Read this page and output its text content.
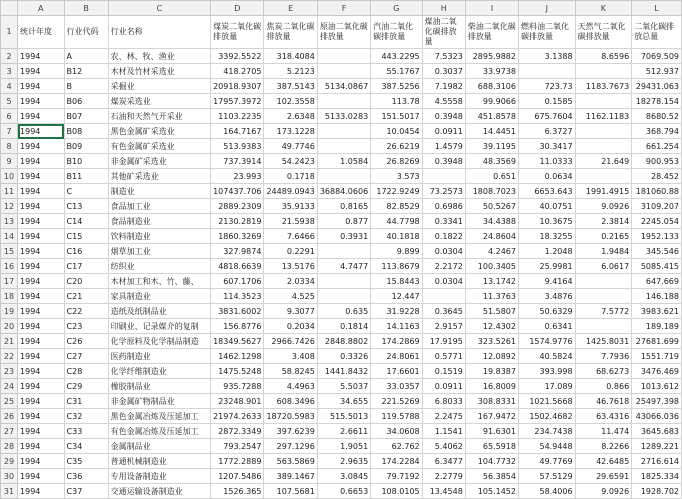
	A	B	C	D	E	F	G	H	I	J	K	L
1	统计年度	行业代码	行业名称	煤炭二氧化碳排放量	焦炭二氧化碳排放量	原油二氧化碳排放量	汽油二氧化碳排放量	煤油二氧化碳排放量	柴油二氧化碳排放量	燃料油二氧化碳排放量	天然气二氧化碳排放量	二氧化碳排放总量
2	1994	A	农、林、牧、渔业	3392.5522	318.4084		443.2295	7.5323	2895.9882	3.1388	8.6596	7069.509
3	1994	B12	木材及竹材采选业	418.2705	5.2123		55.1767	0.3037	33.9738			512.937
4	1994	B	采掘业	20918.9307	387.5143	5134.0867	387.5256	7.1982	688.3106	723.73	1183.7673	29431.063
5	1994	B06	煤炭采选业	17957.3972	102.3558		113.78	4.5558	99.9066	0.1585		18278.154
6	1994	B07	石油和天然气开采业	1103.2235	2.6348	5133.0283	151.5017	0.3948	451.8578	675.7604	1162.1183	8680.52
7	1994	B08	黑色金属矿采选业	164.7167	173.1228		10.0454	0.0911	14.4451	6.3727		368.794
8	1994	B09	有色金属矿采选业	513.9383	49.7746		26.6219	1.4579	39.1195	30.3417		661.254
9	1994	B10	非金属矿采选业	737.3914	54.2423	1.0584	26.8269	0.3948	48.3569	11.0333	21.649	900.953
10	1994	B11	其他矿采选业	23.993	0.1718		3.573		0.651	0.0634		28.452
11	1994	C	制造业	107437.706	24489.0943	36884.0606	1722.9249	73.2573	1808.7023	6653.643	1991.4915	181060.88
12	1994	C13	食品加工业	2889.2309	35.9133	0.8165	82.8529	0.6986	50.5267	40.0751	9.0926	3109.207
13	1994	C14	食品制造业	2130.2819	21.5938	0.877	44.7798	0.3341	34.4388	10.3675	2.3814	2245.054
14	1994	C15	饮料制造业	1860.3269	7.6466	0.3931	40.1818	0.1822	24.8604	18.3255	0.2165	1952.133
15	1994	C16	烟草加工业	327.9874	0.2291		9.899	0.0304	4.2467	1.2048	1.9484	345.546
16	1994	C17	纺织业	4818.6639	13.5176	4.7477	113.8679	2.2172	100.3405	25.9981	6.0617	5085.415
17	1994	C20	木材加工和木、竹、藤、	607.1706	2.0334		15.8443	0.0304	13.1742	9.4164		647.669
18	1994	C21	家具制造业	114.3523	4.525		12.447		11.3763	3.4876		146.188
19	1994	C22	造纸及纸制品业	3831.6002	9.3077	0.635	31.9228	0.3645	51.5807	50.6329	7.5772	3983.621
20	1994	C23	印刷业、记录媒介的复制	156.8776	0.2034	0.1814	14.1163	2.9157	12.4302	0.6341		189.189
21	1994	C26	化学原料及化学制品制造	18349.5627	2966.7426	2848.8802	174.2869	17.9195	323.5261	1574.9776	1425.8031	27681.699
22	1994	C27	医药制造业	1462.1298	3.408	0.3326	24.8061	0.5771	12.0892	40.5824	7.7936	1551.719
23	1994	C28	化学纤维制造业	1475.5248	58.8245	1441.8432	17.6601	0.1519	19.8387	393.998	68.6273	3476.469
24	1994	C29	橡胶制品业	935.7288	4.4963	5.5037	33.0357	0.0911	16.8009	17.089	0.866	1013.612
25	1994	C31	非金属矿物制品业	23248.901	608.3496	34.655	221.5269	6.8033	308.8331	1021.5668	46.7618	25497.398
26	1994	C32	黑色金属冶炼及压延加工	21974.2633	18720.5983	515.5013	119.5788	2.2475	167.9472	1502.4682	63.4316	43066.036
27	1994	C33	有色金属冶炼及压延加工	2872.3349	397.6239	2.6611	34.0608	1.1541	91.6301	234.7438	11.474	3645.683
28	1994	C34	金属制品业	793.2547	297.1296	1.9051	62.762	5.4062	65.5918	54.9448	8.2266	1289.221
29	1994	C35	普通机械制造业	1772.2889	563.5869	2.9635	174.2284	6.3477	104.7732	49.7769	42.6485	2716.614
30	1994	C36	专用设备制造业	1207.5486	389.1467	3.0845	79.7192	2.2779	56.3854	57.5129	29.6591	1825.334
31	1994	C37	交通运输设备制造业	1526.365	107.5681	0.6653	108.0105	13.4548	105.1452	58.4006	9.0926	1928.702
